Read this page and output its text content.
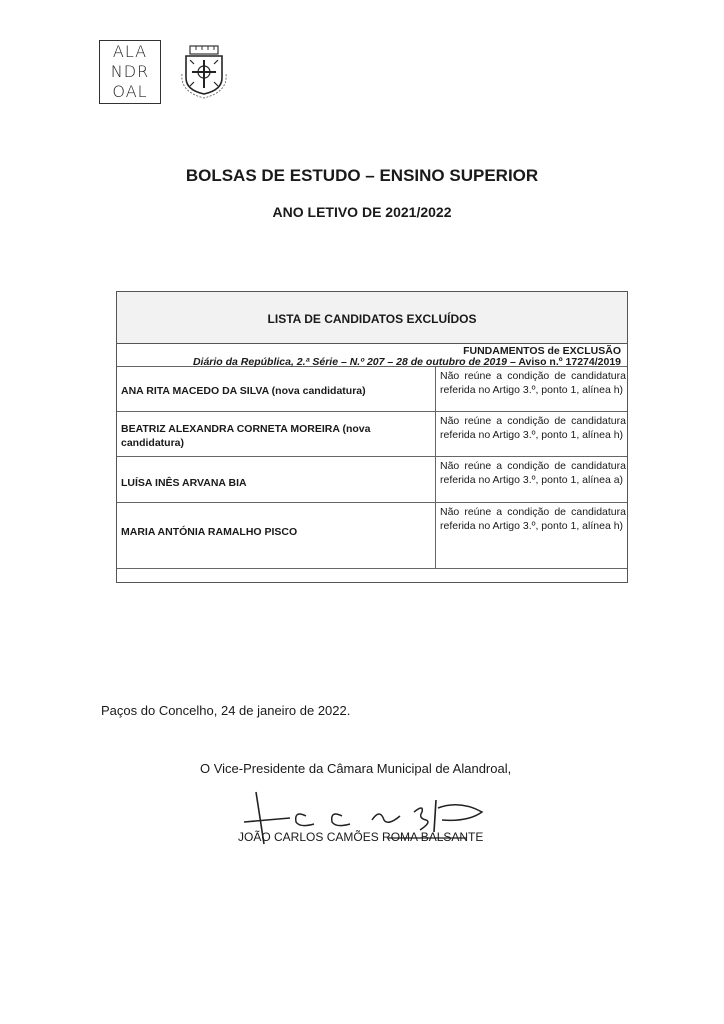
ALA
NDR
OAL
BOLSAS DE ESTUDO – ENSINO SUPERIOR
ANO LETIVO DE 2021/2022
LISTA DE CANDIDATOS EXCLUÍDOS
FUNDAMENTOS de EXCLUSÃO
Diário da República, 2.ª Série – N.º 207 – 28 de outubro de 2019 – Aviso n.º 17274/2019
ANA RITA MACEDO DA SILVA (nova candidatura)
Não reúne a condição de candidatura referida no Artigo 3.º, ponto 1, alínea h)
BEATRIZ ALEXANDRA CORNETA MOREIRA (nova candidatura)
Não reúne a condição de candidatura referida no Artigo 3.º, ponto 1, alínea h)
LUÍSA INÊS ARVANA BIA
Não reúne a condição de candidatura referida no Artigo 3.º, ponto 1, alínea a)
MARIA ANTÓNIA RAMALHO PISCO
Não reúne a condição de candidatura referida no Artigo 3.º, ponto 1, alínea h)
Paços do Concelho, 24 de janeiro de 2022.
O Vice-Presidente da Câmara Municipal de Alandroal,
JOÃO CARLOS CAMÕES ROMA BALSANTE
